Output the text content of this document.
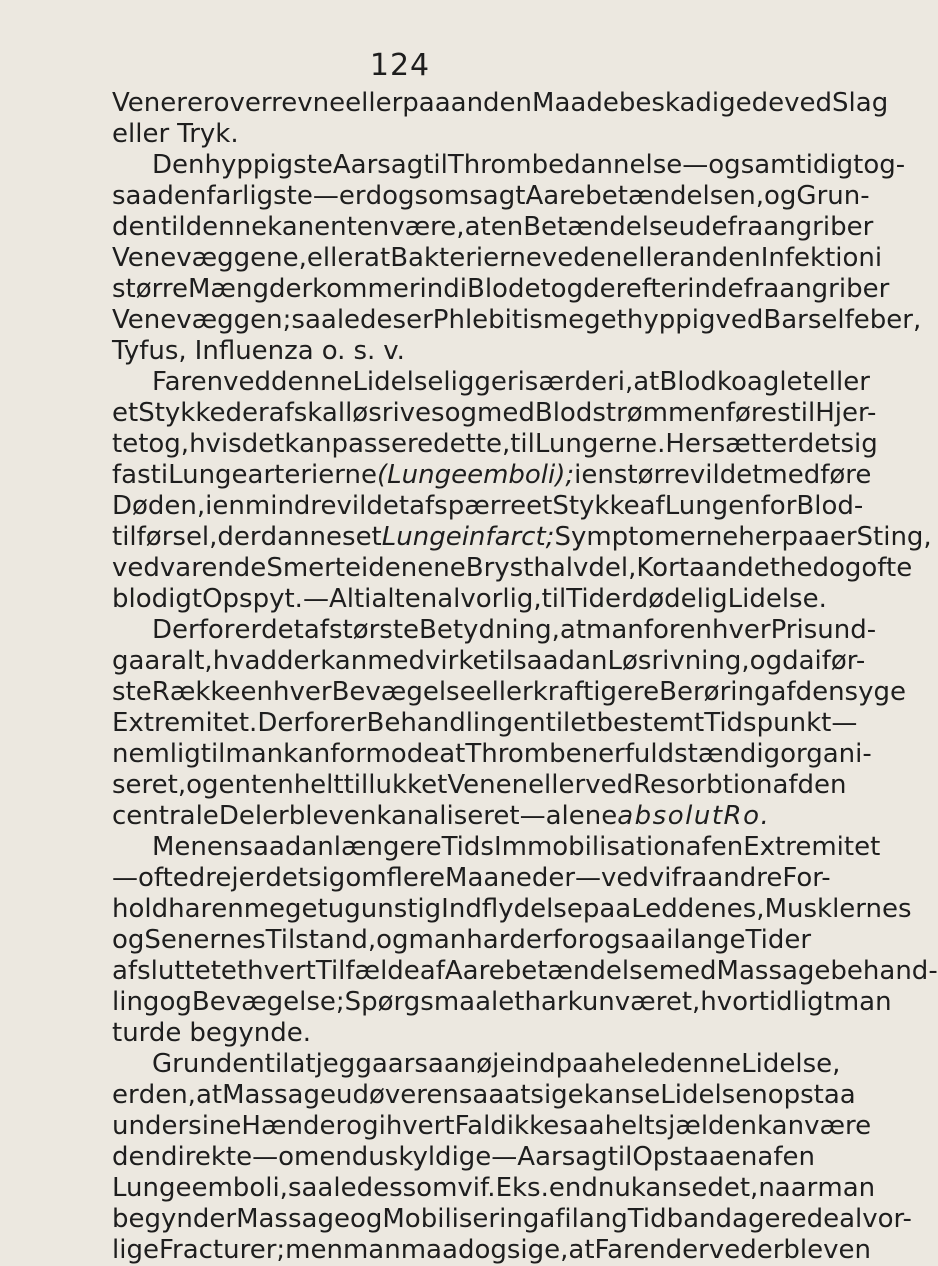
124
Vener er overrevne eller paa anden Maade beskadigede ved Slag
eller Tryk.
Den hyppigste Aarsag til Thrombedannelse — og samtidigt og-
saa den farligste — er dog som sagt Aarebetændelsen, og Grun-
den til denne kan enten være, at en Betændelse udefra angriber
Venevæggene, eller at Bakterierne ved en eller anden Infektion i
større Mængder kommer ind i Blodet og derefter indefra angriber
Venevæggen; saaledes er Phlebitis meget hyppig ved Barselfeber,
Tyfus, Influenza o. s. v.
Faren ved denne Lidelse ligger især deri, at Blodkoaglet eller
et Stykke deraf skal løsrives og med Blodstrømmen føres til Hjer-
tet og, hvis det kan passere dette, til Lungerne. Her sætter det sig
fast i Lungearterierne (Lungeemboli); i en større vil det medføre
Døden, i en mindre vil det afspærre et Stykke af Lungen for Blod-
tilførsel, der dannes et Lungeinfarct; Symptomerne herpaa er Sting,
vedvarende Smerte i den ene Brysthalvdel, Kortaandethed og ofte
blodigt Opspyt. — Alt i alt en alvorlig, til Tider dødelig Lidelse.
Derfor er det af største Betydning, at man for enhver Pris und-
gaar alt, hvad der kan medvirke til saadan Løsrivning, og da i før-
ste Række enhver Bevægelse eller kraftigere Berøring af den syge
Extremitet. Derfor er Behandlingen til et bestemt Tidspunkt —
nemlig til man kan formode at Thromben er fuldstændig organi-
seret, og enten helt tillukket Venen eller ved Resorbtion af den
centrale Del er bleven kanaliseret — alene absolut Ro.
Men en saadan længere Tids Immobilisation af en Extremitet
— ofte drejer det sig om flere Maaneder — ved vi fra andre For-
hold har en meget ugunstig Indflydelse paa Leddenes, Musklernes
og Senernes Tilstand, og man har derfor ogsaa i lange Tider
afsluttet ethvert Tilfælde af Aarebetændelse med Massagebehand-
ling og Bevægelse; Spørgsmaalet har kun været, hvor tidligt man
turde begynde.
Grunden til at jeg gaar saa nøje ind paa hele denne Lidelse,
er den, at Massageudøveren saa at sige kan se Lidelsen opstaa
under sine Hænder og i hvert Fald ikke saa helt sjælden kan være
den direkte — om end uskyldige — Aarsag til Opstaaen af en
Lungeemboli, saaledes som vi f. Eks. endnu kan se det, naar man
begynder Massage og Mobilisering af i lang Tid bandagerede alvor-
lige Fracturer; men man maa dog sige, at Faren derved er bleven
